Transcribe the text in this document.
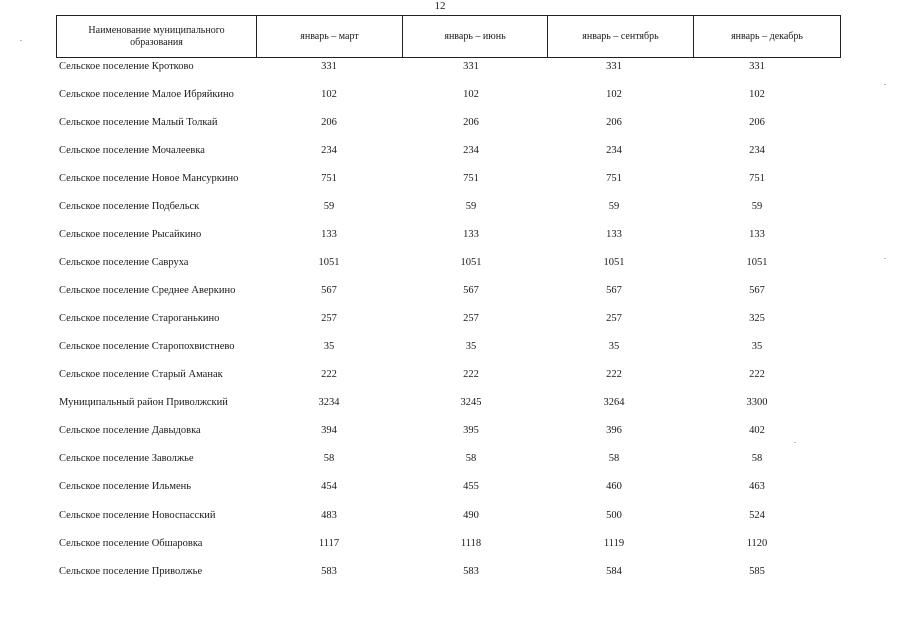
12
Наименование муниципального образования	январь – март	январь – июнь	январь – сентябрь	январь – декабрь
Сельское поселение Кротково	331	331	331	331
Сельское поселение Малое Ибряйкино	102	102	102	102
Сельское поселение Малый Толкай	206	206	206	206
Сельское поселение Мочалеевка	234	234	234	234
Сельское поселение Новое Мансуркино	751	751	751	751
Сельское поселение Подбельск	59	59	59	59
Сельское поселение Рысайкино	133	133	133	133
Сельское поселение Савруха	1051	1051	1051	1051
Сельское поселение Среднее Аверкино	567	567	567	567
Сельское поселение Староганькино	257	257	257	325
Сельское поселение Старопохвистнево	35	35	35	35
Сельское поселение Старый Аманак	222	222	222	222
Муниципальный район Приволжский	3234	3245	3264	3300
Сельское поселение Давыдовка	394	395	396	402
Сельское поселение Заволжье	58	58	58	58
Сельское поселение Ильмень	454	455	460	463
Сельское поселение Новоспасский	483	490	500	524
Сельское поселение Обшаровка	1117	1118	1119	1120
Сельское поселение Приволжье	583	583	584	585
